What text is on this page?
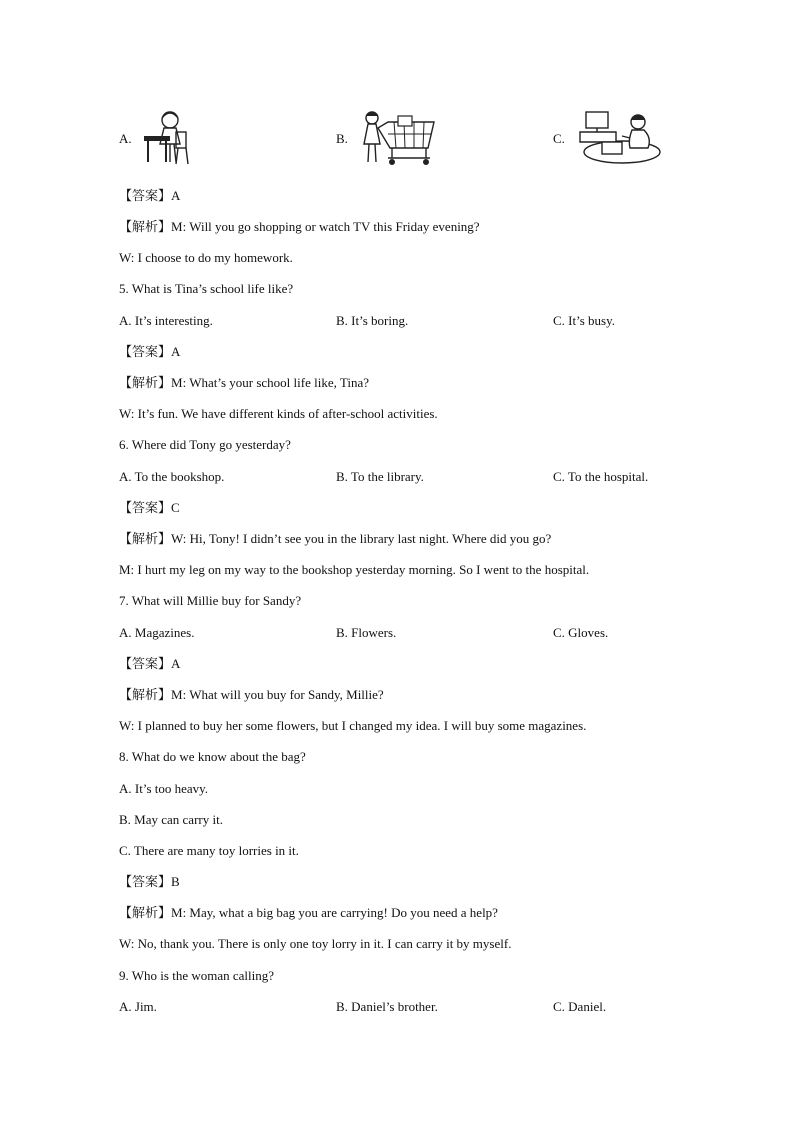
A.	B.	C.
【答案】A
【解析】M: Will you go shopping or watch TV this Friday evening?
W: I choose to do my homework.
5. What is Tina’s school life like?
A. It’s interesting.	B. It’s boring.	C. It’s busy.
【答案】A
【解析】M: What’s your school life like, Tina?
W: It’s fun. We have different kinds of after-school activities.
6. Where did Tony go yesterday?
A. To the bookshop.	B. To the library.	C. To the hospital.
【答案】C
【解析】W: Hi, Tony! I didn’t see you in the library last night. Where did you go?
M: I hurt my leg on my way to the bookshop yesterday morning. So I went to the hospital.
7. What will Millie buy for Sandy?
A. Magazines.	B. Flowers.	C. Gloves.
【答案】A
【解析】M: What will you buy for Sandy, Millie?
W: I planned to buy her some flowers, but I changed my idea. I will buy some magazines.
8. What do we know about the bag?
A. It’s too heavy.
B. May can carry it.
C. There are many toy lorries in it.
【答案】B
【解析】M: May, what a big bag you are carrying! Do you need a help?
W: No, thank you. There is only one toy lorry in it. I can carry it by myself.
9. Who is the woman calling?
A. Jim.	B. Daniel’s brother.	C. Daniel.
